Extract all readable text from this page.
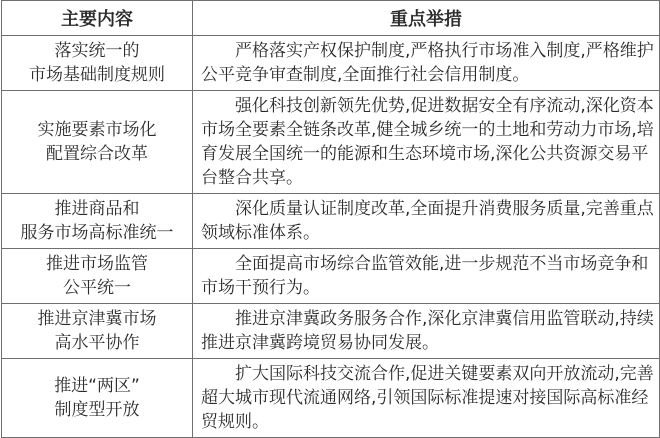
主要内容	重点举措

落实统一的
市场基础制度规则	严格落实产权保护制度,严格执行市场准入制度,严格维护公平竞争审查制度,全面推行社会信用制度。

实施要素市场化
配置综合改革	强化科技创新领先优势,促进数据安全有序流动,深化资本市场全要素全链条改革,健全城乡统一的土地和劳动力市场,培育发展全国统一的能源和生态环境市场,深化公共资源交易平台整合共享。

推进商品和
服务市场高标准统一	深化质量认证制度改革,全面提升消费服务质量,完善重点领域标准体系。

推进市场监管
公平统一	全面提高市场综合监管效能,进一步规范不当市场竞争和市场干预行为。

推进京津冀市场
高水平协作	推进京津冀政务服务合作,深化京津冀信用监管联动,持续推进京津冀跨境贸易协同发展。

推进“两区”
制度型开放	扩大国际科技交流合作,促进关键要素双向开放流动,完善超大城市现代流通网络,引领国际标准提速对接国际高标准经贸规则。
